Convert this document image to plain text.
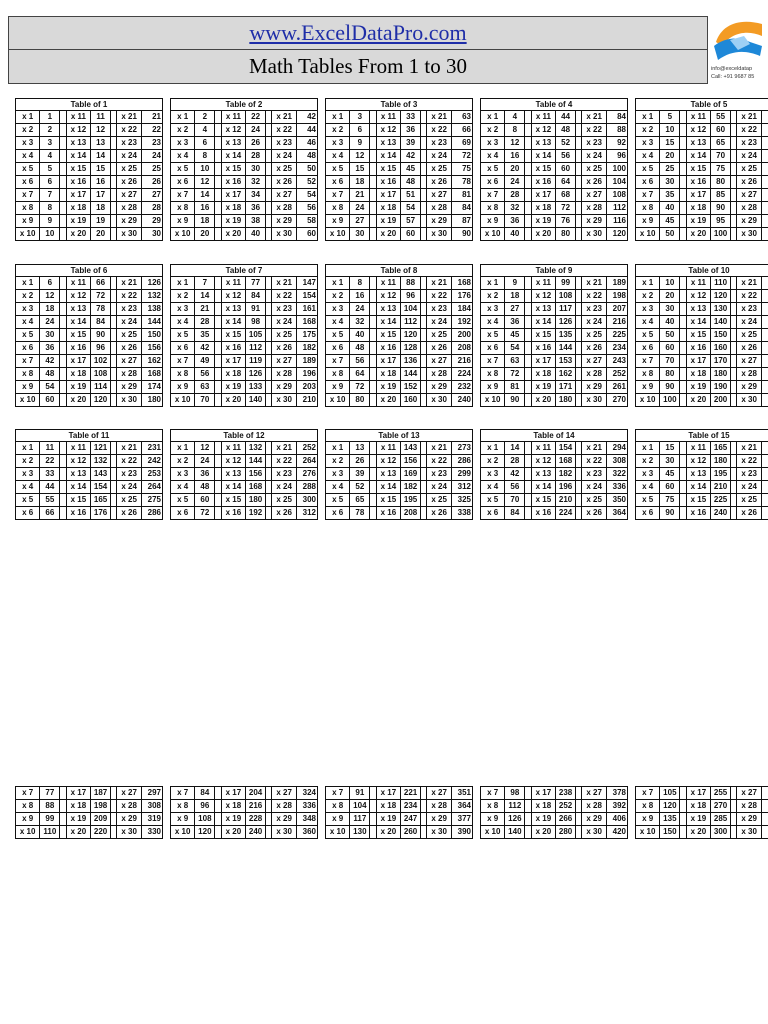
www.ExcelDataPro.com
Math Tables From 1 to 30	info@exceldatap
Call: +91 9687 85
Table of 1
x 1	1		x 11	11		x 21	21
x 2	2		x 12	12		x 22	22
x 3	3		x 13	13		x 23	23
x 4	4		x 14	14		x 24	24
x 5	5		x 15	15		x 25	25
x 6	6		x 16	16		x 26	26
x 7	7		x 17	17		x 27	27
x 8	8		x 18	18		x 28	28
x 9	9		x 19	19		x 29	29
x 10	10		x 20	20		x 30	30
Table of 2
x 1	2		x 11	22		x 21	42
x 2	4		x 12	24		x 22	44
x 3	6		x 13	26		x 23	46
x 4	8		x 14	28		x 24	48
x 5	10		x 15	30		x 25	50
x 6	12		x 16	32		x 26	52
x 7	14		x 17	34		x 27	54
x 8	16		x 18	36		x 28	56
x 9	18		x 19	38		x 29	58
x 10	20		x 20	40		x 30	60
Table of 3
x 1	3		x 11	33		x 21	63
x 2	6		x 12	36		x 22	66
x 3	9		x 13	39		x 23	69
x 4	12		x 14	42		x 24	72
x 5	15		x 15	45		x 25	75
x 6	18		x 16	48		x 26	78
x 7	21		x 17	51		x 27	81
x 8	24		x 18	54		x 28	84
x 9	27		x 19	57		x 29	87
x 10	30		x 20	60		x 30	90
Table of 4
x 1	4		x 11	44		x 21	84
x 2	8		x 12	48		x 22	88
x 3	12		x 13	52		x 23	92
x 4	16		x 14	56		x 24	96
x 5	20		x 15	60		x 25	100
x 6	24		x 16	64		x 26	104
x 7	28		x 17	68		x 27	108
x 8	32		x 18	72		x 28	112
x 9	36		x 19	76		x 29	116
x 10	40		x 20	80		x 30	120
Table of 5
x 1	5		x 11	55		x 21	
x 2	10		x 12	60		x 22	
x 3	15		x 13	65		x 23	
x 4	20		x 14	70		x 24	
x 5	25		x 15	75		x 25	
x 6	30		x 16	80		x 26	
x 7	35		x 17	85		x 27	
x 8	40		x 18	90		x 28	
x 9	45		x 19	95		x 29	
x 10	50		x 20	100		x 30	
Table of 6
x 1	6		x 11	66		x 21	126
x 2	12		x 12	72		x 22	132
x 3	18		x 13	78		x 23	138
x 4	24		x 14	84		x 24	144
x 5	30		x 15	90		x 25	150
x 6	36		x 16	96		x 26	156
x 7	42		x 17	102		x 27	162
x 8	48		x 18	108		x 28	168
x 9	54		x 19	114		x 29	174
x 10	60		x 20	120		x 30	180
Table of 7
x 1	7		x 11	77		x 21	147
x 2	14		x 12	84		x 22	154
x 3	21		x 13	91		x 23	161
x 4	28		x 14	98		x 24	168
x 5	35		x 15	105		x 25	175
x 6	42		x 16	112		x 26	182
x 7	49		x 17	119		x 27	189
x 8	56		x 18	126		x 28	196
x 9	63		x 19	133		x 29	203
x 10	70		x 20	140		x 30	210
Table of 8
x 1	8		x 11	88		x 21	168
x 2	16		x 12	96		x 22	176
x 3	24		x 13	104		x 23	184
x 4	32		x 14	112		x 24	192
x 5	40		x 15	120		x 25	200
x 6	48		x 16	128		x 26	208
x 7	56		x 17	136		x 27	216
x 8	64		x 18	144		x 28	224
x 9	72		x 19	152		x 29	232
x 10	80		x 20	160		x 30	240
Table of 9
x 1	9		x 11	99		x 21	189
x 2	18		x 12	108		x 22	198
x 3	27		x 13	117		x 23	207
x 4	36		x 14	126		x 24	216
x 5	45		x 15	135		x 25	225
x 6	54		x 16	144		x 26	234
x 7	63		x 17	153		x 27	243
x 8	72		x 18	162		x 28	252
x 9	81		x 19	171		x 29	261
x 10	90		x 20	180		x 30	270
Table of 10
x 1	10		x 11	110		x 21	
x 2	20		x 12	120		x 22	
x 3	30		x 13	130		x 23	
x 4	40		x 14	140		x 24	
x 5	50		x 15	150		x 25	
x 6	60		x 16	160		x 26	
x 7	70		x 17	170		x 27	
x 8	80		x 18	180		x 28	
x 9	90		x 19	190		x 29	
x 10	100		x 20	200		x 30	
Table of 11
x 1	11		x 11	121		x 21	231
x 2	22		x 12	132		x 22	242
x 3	33		x 13	143		x 23	253
x 4	44		x 14	154		x 24	264
x 5	55		x 15	165		x 25	275
x 6	66		x 16	176		x 26	286
Table of 12
x 1	12		x 11	132		x 21	252
x 2	24		x 12	144		x 22	264
x 3	36		x 13	156		x 23	276
x 4	48		x 14	168		x 24	288
x 5	60		x 15	180		x 25	300
x 6	72		x 16	192		x 26	312
Table of 13
x 1	13		x 11	143		x 21	273
x 2	26		x 12	156		x 22	286
x 3	39		x 13	169		x 23	299
x 4	52		x 14	182		x 24	312
x 5	65		x 15	195		x 25	325
x 6	78		x 16	208		x 26	338
Table of 14
x 1	14		x 11	154		x 21	294
x 2	28		x 12	168		x 22	308
x 3	42		x 13	182		x 23	322
x 4	56		x 14	196		x 24	336
x 5	70		x 15	210		x 25	350
x 6	84		x 16	224		x 26	364
Table of 15
x 1	15		x 11	165		x 21	
x 2	30		x 12	180		x 22	
x 3	45		x 13	195		x 23	
x 4	60		x 14	210		x 24	
x 5	75		x 15	225		x 25	
x 6	90		x 16	240		x 26	
x 7	77		x 17	187		x 27	297
x 8	88		x 18	198		x 28	308
x 9	99		x 19	209		x 29	319
x 10	110		x 20	220		x 30	330
x 7	84		x 17	204		x 27	324
x 8	96		x 18	216		x 28	336
x 9	108		x 19	228		x 29	348
x 10	120		x 20	240		x 30	360
x 7	91		x 17	221		x 27	351
x 8	104		x 18	234		x 28	364
x 9	117		x 19	247		x 29	377
x 10	130		x 20	260		x 30	390
x 7	98		x 17	238		x 27	378
x 8	112		x 18	252		x 28	392
x 9	126		x 19	266		x 29	406
x 10	140		x 20	280		x 30	420
x 7	105		x 17	255		x 27	
x 8	120		x 18	270		x 28	
x 9	135		x 19	285		x 29	
x 10	150		x 20	300		x 30	
